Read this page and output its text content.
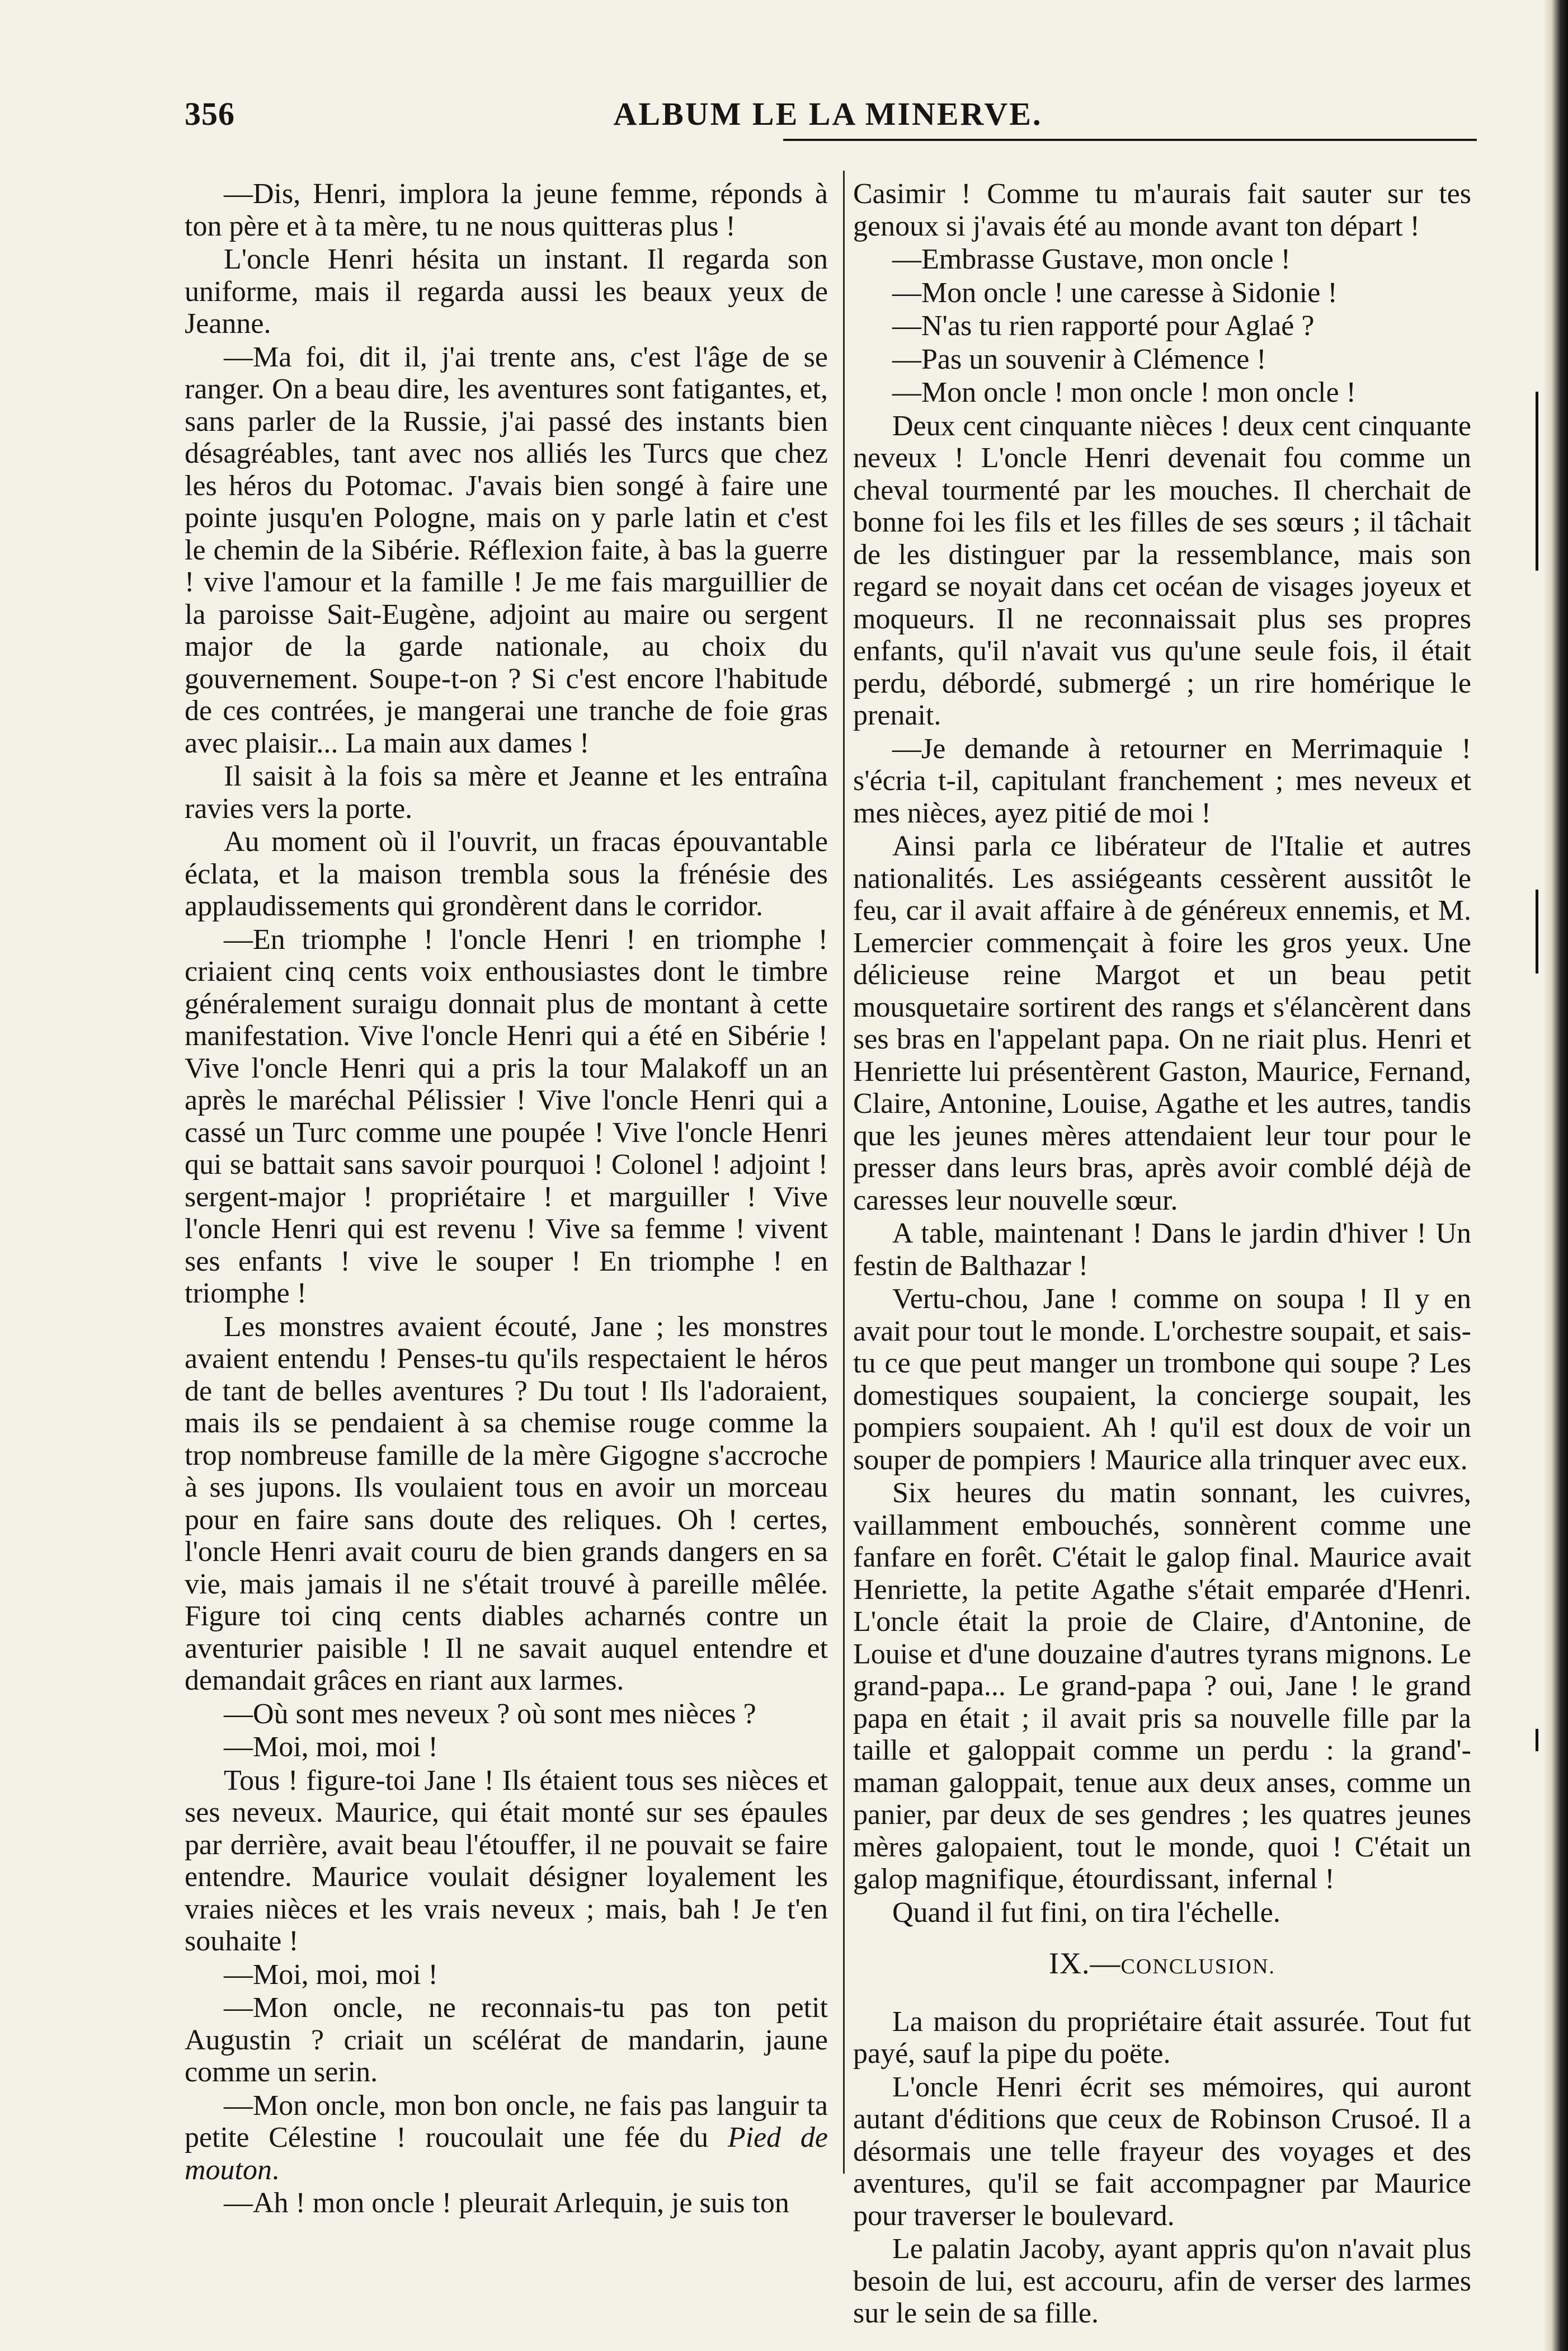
356	ALBUM LE LA MINERVE.

—Dis, Henri, implora la jeune femme, réponds à ton père et à ta mère, tu ne nous quitteras plus !

L'oncle Henri hésita un instant. Il regarda son uniforme, mais il regarda aussi les beaux yeux de Jeanne.

—Ma foi, dit il, j'ai trente ans, c'est l'âge de se ranger. On a beau dire, les aventures sont fatigantes, et, sans parler de la Russie, j'ai passé des instants bien désagréables, tant avec nos alliés les Turcs que chez les héros du Potomac. J'avais bien songé à faire une pointe jusqu'en Pologne, mais on y parle latin et c'est le chemin de la Sibérie. Réflexion faite, à bas la guerre ! vive l'amour et la famille ! Je me fais marguillier de la paroisse Sait-Eugène, adjoint au maire ou sergent major de la garde nationale, au choix du gouvernement. Soupe-t-on ? Si c'est encore l'habitude de ces contrées, je mangerai une tranche de foie gras avec plaisir... La main aux dames !

Il saisit à la fois sa mère et Jeanne et les entraîna ravies vers la porte.

Au moment où il l'ouvrit, un fracas épouvantable éclata, et la maison trembla sous la frénésie des applaudissements qui grondèrent dans le corridor.

—En triomphe ! l'oncle Henri ! en triomphe ! criaient cinq cents voix enthousiastes dont le timbre généralement suraigu donnait plus de montant à cette manifestation. Vive l'oncle Henri qui a été en Sibérie ! Vive l'oncle Henri qui a pris la tour Malakoff un an après le maréchal Pélissier ! Vive l'oncle Henri qui a cassé un Turc comme une poupée ! Vive l'oncle Henri qui se battait sans savoir pourquoi ! Colonel ! adjoint ! sergent-major ! propriétaire ! et marguiller ! Vive l'oncle Henri qui est revenu ! Vive sa femme ! vivent ses enfants ! vive le souper ! En triomphe ! en triomphe !

Les monstres avaient écouté, Jane ; les monstres avaient entendu ! Penses-tu qu'ils respectaient le héros de tant de belles aventures ? Du tout ! Ils l'adoraient, mais ils se pendaient à sa chemise rouge comme la trop nombreuse famille de la mère Gigogne s'accroche à ses jupons. Ils voulaient tous en avoir un morceau pour en faire sans doute des reliques. Oh ! certes, l'oncle Henri avait couru de bien grands dangers en sa vie, mais jamais il ne s'était trouvé à pareille mêlée. Figure toi cinq cents diables acharnés contre un aventurier paisible ! Il ne savait auquel entendre et demandait grâces en riant aux larmes.

—Où sont mes neveux ? où sont mes nièces ?

—Moi, moi, moi !

Tous ! figure-toi Jane ! Ils étaient tous ses nièces et ses neveux. Maurice, qui était monté sur ses épaules par derrière, avait beau l'étouffer, il ne pouvait se faire entendre. Maurice voulait désigner loyalement les vraies nièces et les vrais neveux ; mais, bah ! Je t'en souhaite !

—Moi, moi, moi !

—Mon oncle, ne reconnais-tu pas ton petit Augustin ? criait un scélérat de mandarin, jaune comme un serin.

—Mon oncle, mon bon oncle, ne fais pas languir ta petite Célestine ! roucoulait une fée du Pied de mouton.

—Ah ! mon oncle ! pleurait Arlequin, je suis ton

Casimir ! Comme tu m'aurais fait sauter sur tes genoux si j'avais été au monde avant ton départ !

—Embrasse Gustave, mon oncle !

—Mon oncle ! une caresse à Sidonie !

—N'as tu rien rapporté pour Aglaé ?

—Pas un souvenir à Clémence !

—Mon oncle ! mon oncle ! mon oncle !

Deux cent cinquante nièces ! deux cent cinquante neveux ! L'oncle Henri devenait fou comme un cheval tourmenté par les mouches. Il cherchait de bonne foi les fils et les filles de ses sœurs ; il tâchait de les distinguer par la ressemblance, mais son regard se noyait dans cet océan de visages joyeux et moqueurs. Il ne reconnaissait plus ses propres enfants, qu'il n'avait vus qu'une seule fois, il était perdu, débordé, submergé ; un rire homérique le prenait.

—Je demande à retourner en Merrimaquie ! s'écria t-il, capitulant franchement ; mes neveux et mes nièces, ayez pitié de moi !

Ainsi parla ce libérateur de l'Italie et autres nationalités. Les assiégeants cessèrent aussitôt le feu, car il avait affaire à de généreux ennemis, et M. Lemercier commençait à foire les gros yeux. Une délicieuse reine Margot et un beau petit mousquetaire sortirent des rangs et s'élancèrent dans ses bras en l'appelant papa. On ne riait plus. Henri et Henriette lui présentèrent Gaston, Maurice, Fernand, Claire, Antonine, Louise, Agathe et les autres, tandis que les jeunes mères attendaient leur tour pour le presser dans leurs bras, après avoir comblé déjà de caresses leur nouvelle sœur.

A table, maintenant ! Dans le jardin d'hiver ! Un festin de Balthazar !

Vertu-chou, Jane ! comme on soupa ! Il y en avait pour tout le monde. L'orchestre soupait, et sais-tu ce que peut manger un trombone qui soupe ? Les domestiques soupaient, la concierge soupait, les pompiers soupaient. Ah ! qu'il est doux de voir un souper de pompiers ! Maurice alla trinquer avec eux.

Six heures du matin sonnant, les cuivres, vaillamment embouchés, sonnèrent comme une fanfare en forêt. C'était le galop final. Maurice avait Henriette, la petite Agathe s'était emparée d'Henri. L'oncle était la proie de Claire, d'Antonine, de Louise et d'une douzaine d'autres tyrans mignons. Le grand-papa... Le grand-papa ? oui, Jane ! le grand papa en était ; il avait pris sa nouvelle fille par la taille et galoppait comme un perdu : la grand'-maman galoppait, tenue aux deux anses, comme un panier, par deux de ses gendres ; les quatres jeunes mères galopaient, tout le monde, quoi ! C'était un galop magnifique, étourdissant, infernal !

Quand il fut fini, on tira l'échelle.

IX.—CONCLUSION.

La maison du propriétaire était assurée. Tout fut payé, sauf la pipe du poëte.

L'oncle Henri écrit ses mémoires, qui auront autant d'éditions que ceux de Robinson Crusoé. Il a désormais une telle frayeur des voyages et des aventures, qu'il se fait accompagner par Maurice pour traverser le boulevard.

Le palatin Jacoby, ayant appris qu'on n'avait plus besoin de lui, est accouru, afin de verser des larmes sur le sein de sa fille.
